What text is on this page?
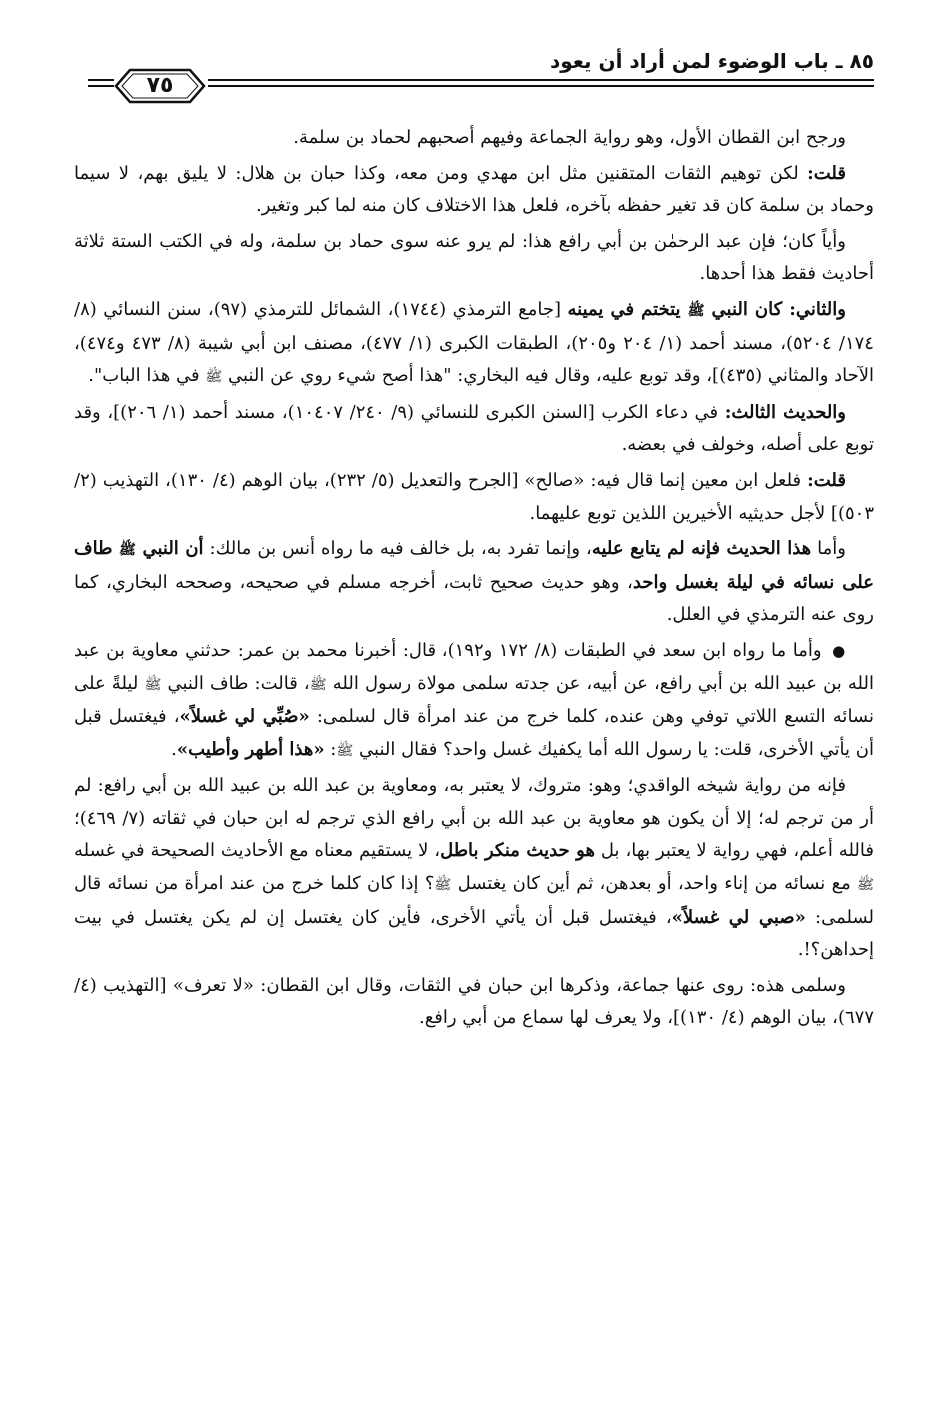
٨٥ ـ باب الوضوء لمن أراد أن يعود
٧٥

ورجح ابن القطان الأول، وهو رواية الجماعة وفيهم أصحبهم لحماد بن سلمة.

قلت: لكن توهيم الثقات المتقنين مثل ابن مهدي ومن معه، وكذا حبان بن هلال: لا يليق بهم، لا سيما وحماد بن سلمة كان قد تغير حفظه بآخره، فلعل هذا الاختلاف كان منه لما كبر وتغير.

وأياً كان؛ فإن عبد الرحمٰن بن أبي رافع هذا: لم يرو عنه سوى حماد بن سلمة، وله في الكتب الستة ثلاثة أحاديث فقط هذا أحدها.

والثاني: كان النبي ﷺ يتختم في يمينه [جامع الترمذي (١٧٤٤)، الشمائل للترمذي (٩٧)، سنن النسائي (٨/ ١٧٤/ ٥٢٠٤)، مسند أحمد (١/ ٢٠٤ و٢٠٥)، الطبقات الكبرى (١/ ٤٧٧)، مصنف ابن أبي شيبة (٨/ ٤٧٣ و٤٧٤)، الآحاد والمثاني (٤٣٥)]، وقد توبع عليه، وقال فيه البخاري: "هذا أصح شيء روي عن النبي ﷺ في هذا الباب".

والحديث الثالث: في دعاء الكرب [السنن الكبرى للنسائي (٩/ ٢٤٠/ ١٠٤٠٧)، مسند أحمد (١/ ٢٠٦)]، وقد توبع على أصله، وخولف في بعضه.

قلت: فلعل ابن معين إنما قال فيه: «صالح» [الجرح والتعديل (٥/ ٢٣٢)، بيان الوهم (٤/ ١٣٠)، التهذيب (٢/ ٥٠٣)] لأجل حديثيه الأخيرين اللذين توبع عليهما.

وأما هذا الحديث فإنه لم يتابع عليه، وإنما تفرد به، بل خالف فيه ما رواه أنس بن مالك: أن النبي ﷺ طاف على نسائه في ليلة بغسل واحد، وهو حديث صحيح ثابت، أخرجه مسلم في صحيحه، وصححه البخاري، كما روى عنه الترمذي في العلل.

● وأما ما رواه ابن سعد في الطبقات (٨/ ١٧٢ و١٩٢)، قال: أخبرنا محمد بن عمر: حدثني معاوية بن عبد الله بن عبيد الله بن أبي رافع، عن أبيه، عن جدته سلمى مولاة رسول الله ﷺ، قالت: طاف النبي ﷺ ليلةً على نسائه التسع اللاتي توفي وهن عنده، كلما خرج من عند امرأة قال لسلمى: «صُبِّي لي غسلاً»، فيغتسل قبل أن يأتي الأخرى، قلت: يا رسول الله أما يكفيك غسل واحد؟ فقال النبي ﷺ: «هذا أطهر وأطيب».

فإنه من رواية شيخه الواقدي؛ وهو: متروك، لا يعتبر به، ومعاوية بن عبد الله بن عبيد الله بن أبي رافع: لم أر من ترجم له؛ إلا أن يكون هو معاوية بن عبد الله بن أبي رافع الذي ترجم له ابن حبان في ثقاته (٧/ ٤٦٩)؛ فالله أعلم، فهي رواية لا يعتبر بها، بل هو حديث منكر باطل، لا يستقيم معناه مع الأحاديث الصحيحة في غسله ﷺ مع نسائه من إناء واحد، أو بعدهن، ثم أين كان يغتسل ﷺ؟ إذا كان كلما خرج من عند امرأة من نسائه قال لسلمى: «صبي لي غسلاً»، فيغتسل قبل أن يأتي الأخرى، فأين كان يغتسل إن لم يكن يغتسل في بيت إحداهن؟!.

وسلمى هذه: روى عنها جماعة، وذكرها ابن حبان في الثقات، وقال ابن القطان: «لا تعرف» [التهذيب (٤/ ٦٧٧)، بيان الوهم (٤/ ١٣٠)]، ولا يعرف لها سماع من أبي رافع.
